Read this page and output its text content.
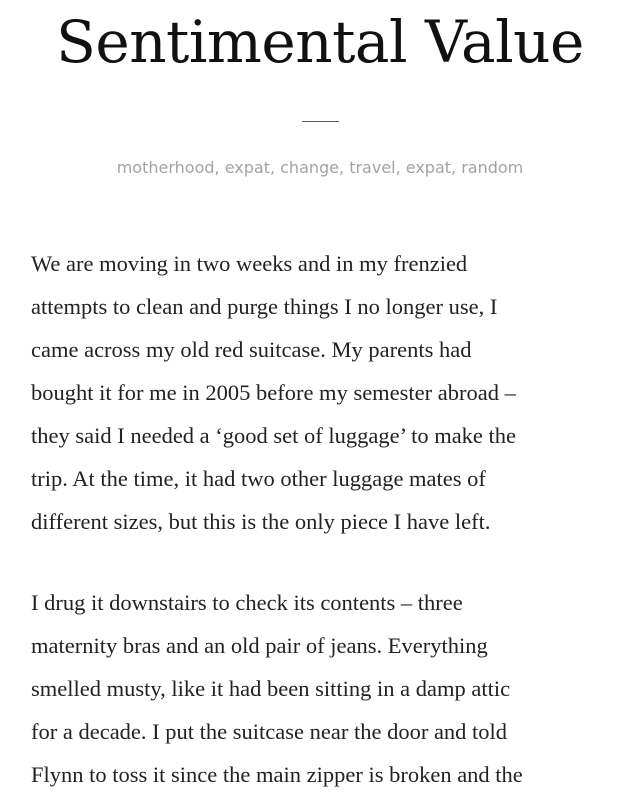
Sentimental Value
motherhood, expat, change, travel, expat, random

We are moving in two weeks and in my frenzied
attempts to clean and purge things I no longer use, I
came across my old red suitcase. My parents had
bought it for me in 2005 before my semester abroad –
they said I needed a ‘good set of luggage’ to make the
trip. At the time, it had two other luggage mates of
different sizes, but this is the only piece I have left.

I drug it downstairs to check its contents – three
maternity bras and an old pair of jeans. Everything
smelled musty, like it had been sitting in a damp attic
for a decade. I put the suitcase near the door and told
Flynn to toss it since the main zipper is broken and the
